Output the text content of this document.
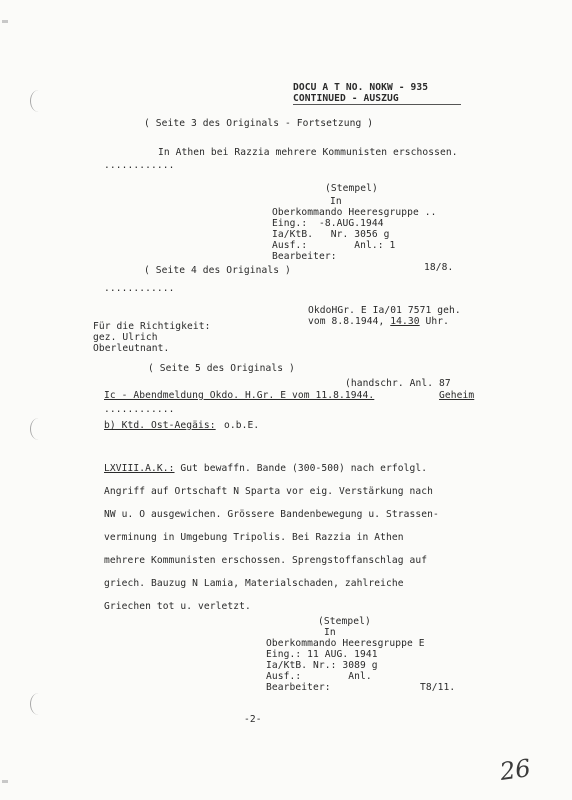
DOCU A T NO. NOKW - 935
CONTINUED - AUSZUG
( Seite 3 des Originals - Fortsetzung )
In Athen bei Razzia mehrere Kommunisten erschossen.
............
(Stempel)
In
Oberkommando Heeresgruppe ..
Eing.:  -8.AUG.1944
Ia/KtB.   Nr. 3056 g
Ausf.:        Anl.: 1
Bearbeiter:
18/8.
( Seite 4 des Originals )
............
OkdoHGr. E Ia/01 7571 geh.
vom 8.8.1944, 14.30 Uhr.
Für die Richtigkeit:
gez. Ulrich
Oberleutnant.
( Seite 5 des Originals )
(handschr. Anl. 87
Ic - Abendmeldung Okdo. H.Gr. E vom 11.8.1944.	Geheim
............
b) Ktd. Ost-Aegäis: o.b.E.
LXVIII.A.K.: Gut bewaffn. Bande (300-500) nach erfolgl.
Angriff auf Ortschaft N Sparta vor eig. Verstärkung nach
NW u. O ausgewichen. Grössere Bandenbewegung u. Strassen-
verminung in Umgebung Tripolis. Bei Razzia in Athen
mehrere Kommunisten erschossen. Sprengstoffanschlag auf
griech. Bauzug N Lamia, Materialschaden, zahlreiche
Griechen tot u. verletzt.
(Stempel)
In
Oberkommando Heeresgruppe E
Eing.: 11 AUG. 1941
Ia/KtB. Nr.: 3089 g
Ausf.:        Anl.
Bearbeiter:	T8/11.
-2-
26
